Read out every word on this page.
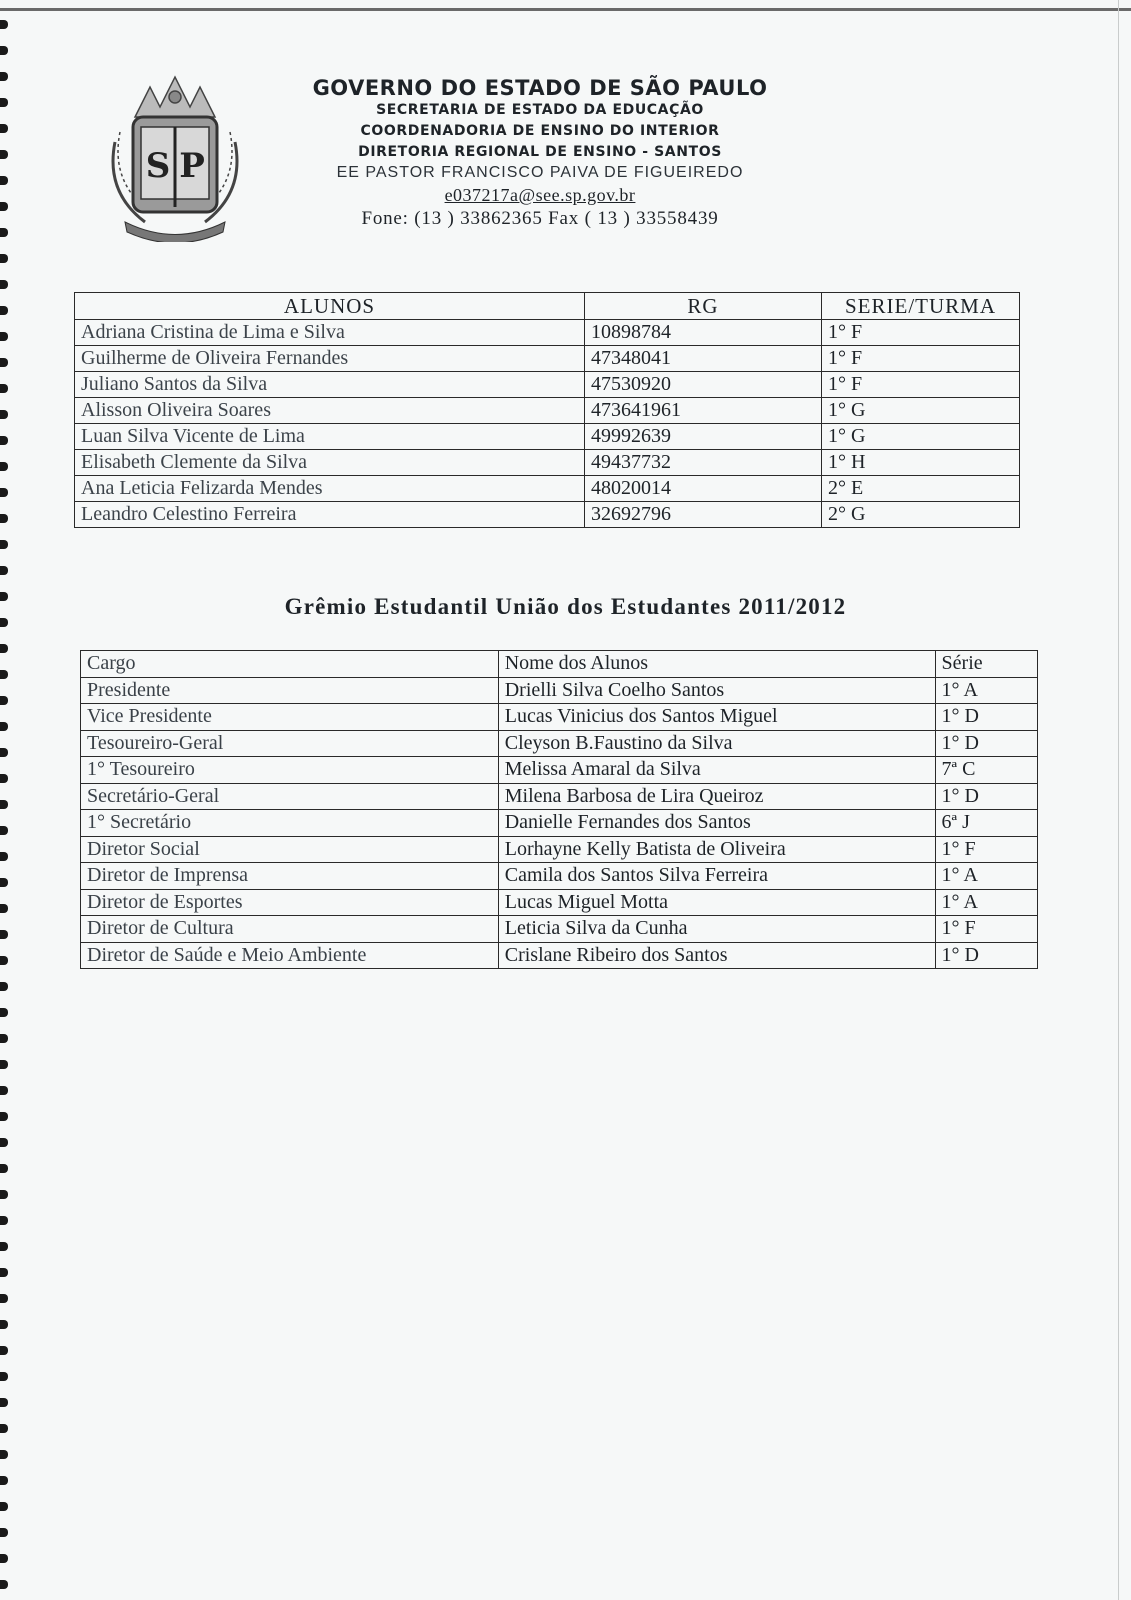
S P
GOVERNO DO ESTADO DE SÃO PAULO
SECRETARIA DE ESTADO DA EDUCAÇÃO
COORDENADORIA DE ENSINO DO INTERIOR
DIRETORIA REGIONAL DE ENSINO - SANTOS
EE PASTOR FRANCISCO PAIVA DE FIGUEIREDO
e037217a@see.sp.gov.br
Fone: (13 ) 33862365 Fax ( 13 ) 33558439
ALUNOS	RG	SERIE/TURMA
Adriana Cristina de Lima e Silva	10898784	1° F
Guilherme de Oliveira Fernandes	47348041	1° F
Juliano Santos da Silva	47530920	1° F
Alisson Oliveira Soares	473641961	1° G
Luan Silva Vicente de Lima	49992639	1° G
Elisabeth Clemente da Silva	49437732	1° H
Ana Leticia Felizarda Mendes	48020014	2° E
Leandro Celestino Ferreira	32692796	2° G
Grêmio Estudantil União dos Estudantes 2011/2012
Cargo	Nome dos Alunos	Série
Presidente	Drielli Silva Coelho Santos	1° A
Vice Presidente	Lucas Vinicius dos Santos Miguel	1° D
Tesoureiro-Geral	Cleyson B.Faustino da Silva	1° D
1° Tesoureiro	Melissa Amaral da Silva	7ª C
Secretário-Geral	Milena Barbosa de Lira Queiroz	1° D
1° Secretário	Danielle Fernandes dos Santos	6ª J
Diretor Social	Lorhayne Kelly Batista de Oliveira	1° F
Diretor de Imprensa	Camila dos Santos Silva Ferreira	1° A
Diretor de Esportes	Lucas Miguel Motta	1° A
Diretor de Cultura	Leticia Silva da Cunha	1° F
Diretor de Saúde e Meio Ambiente	Crislane Ribeiro dos Santos	1° D
